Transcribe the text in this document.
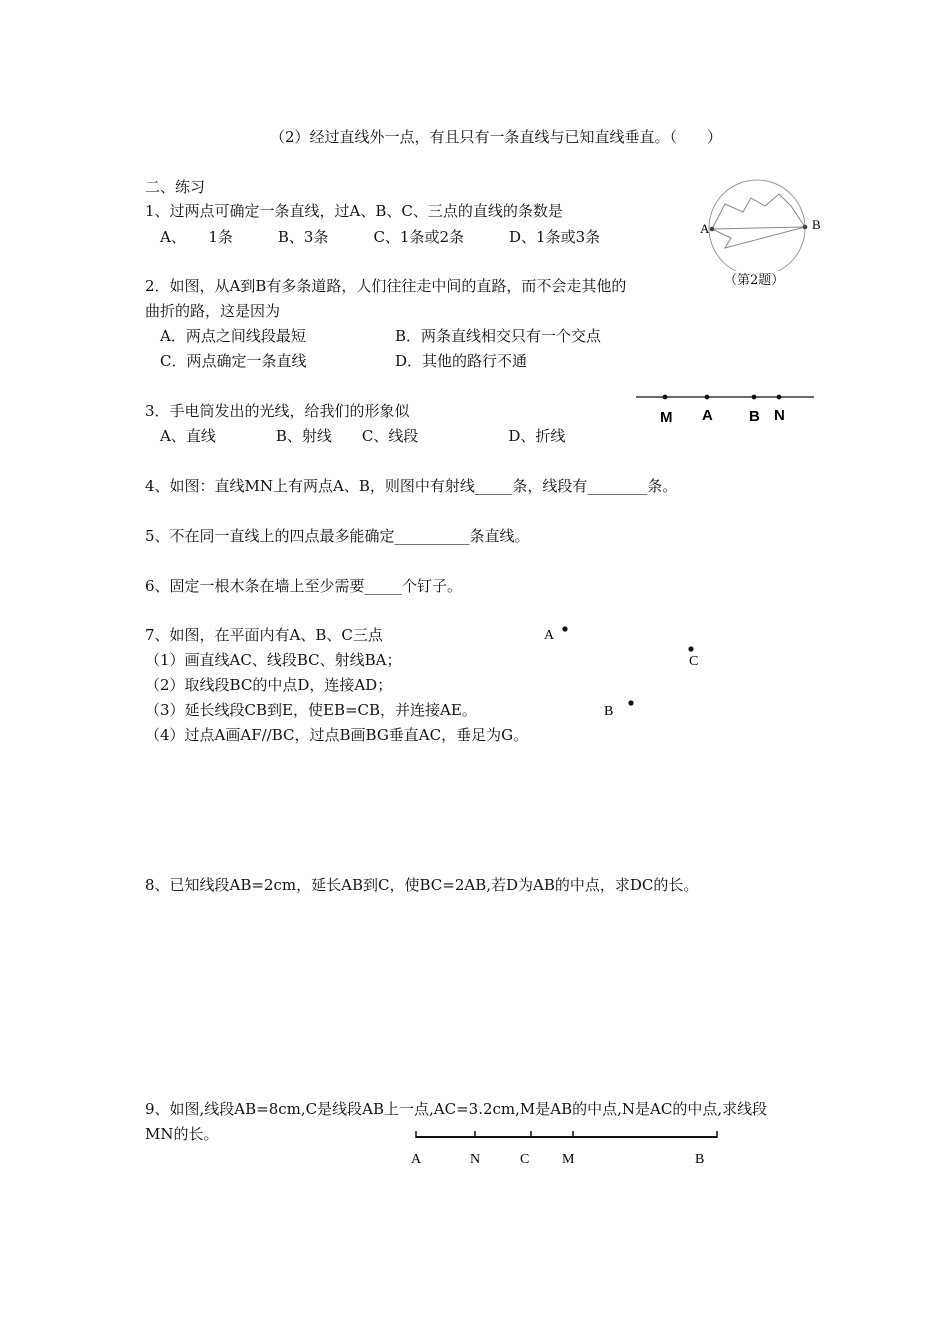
（2）经过直线外一点，有且只有一条直线与已知直线垂直。（　　）
二、练习
1、过两点可确定一条直线，过A、B、C、三点的直线的条数是
A、　　1条　　　B、3条　　　C、1条或2条　　　D、1条或3条	A	B
（第2题）
2．如图，从A到B有多条道路，人们往往走中间的直路，而不会走其他的
曲折的路，这是因为
A．两点之间线段最短	B．两条直线相交只有一个交点
C．两点确定一条直线	D．其他的路行不通
M A B N
3．手电筒发出的光线，给我们的形象似
A、直线　　　　B、射线　　C、线段　　　　　　D、折线
4、如图：直线MN上有两点A、B，则图中有射线_____条，线段有________条。
5、不在同一直线上的四点最多能确定__________条直线。
6、固定一根木条在墙上至少需要_____个钉子。
7、如图，在平面内有A、B、C三点
（1）画直线AC、线段BC、射线BA；
（2）取线段BC的中点D，连接AD；
（3）延长线段CB到E，使EB=CB，并连接AE。
（4）过点A画AF//BC，过点B画BG垂直AC，垂足为G。
A
C
B
8、已知线段AB=2cm，延长AB到C，使BC=2AB,若D为AB的中点，求DC的长。
9、如图,线段AB=8cm,C是线段AB上一点,AC=3.2cm,M是AB的中点,N是AC的中点,求线段
MN的长。
A	N	C M	B
